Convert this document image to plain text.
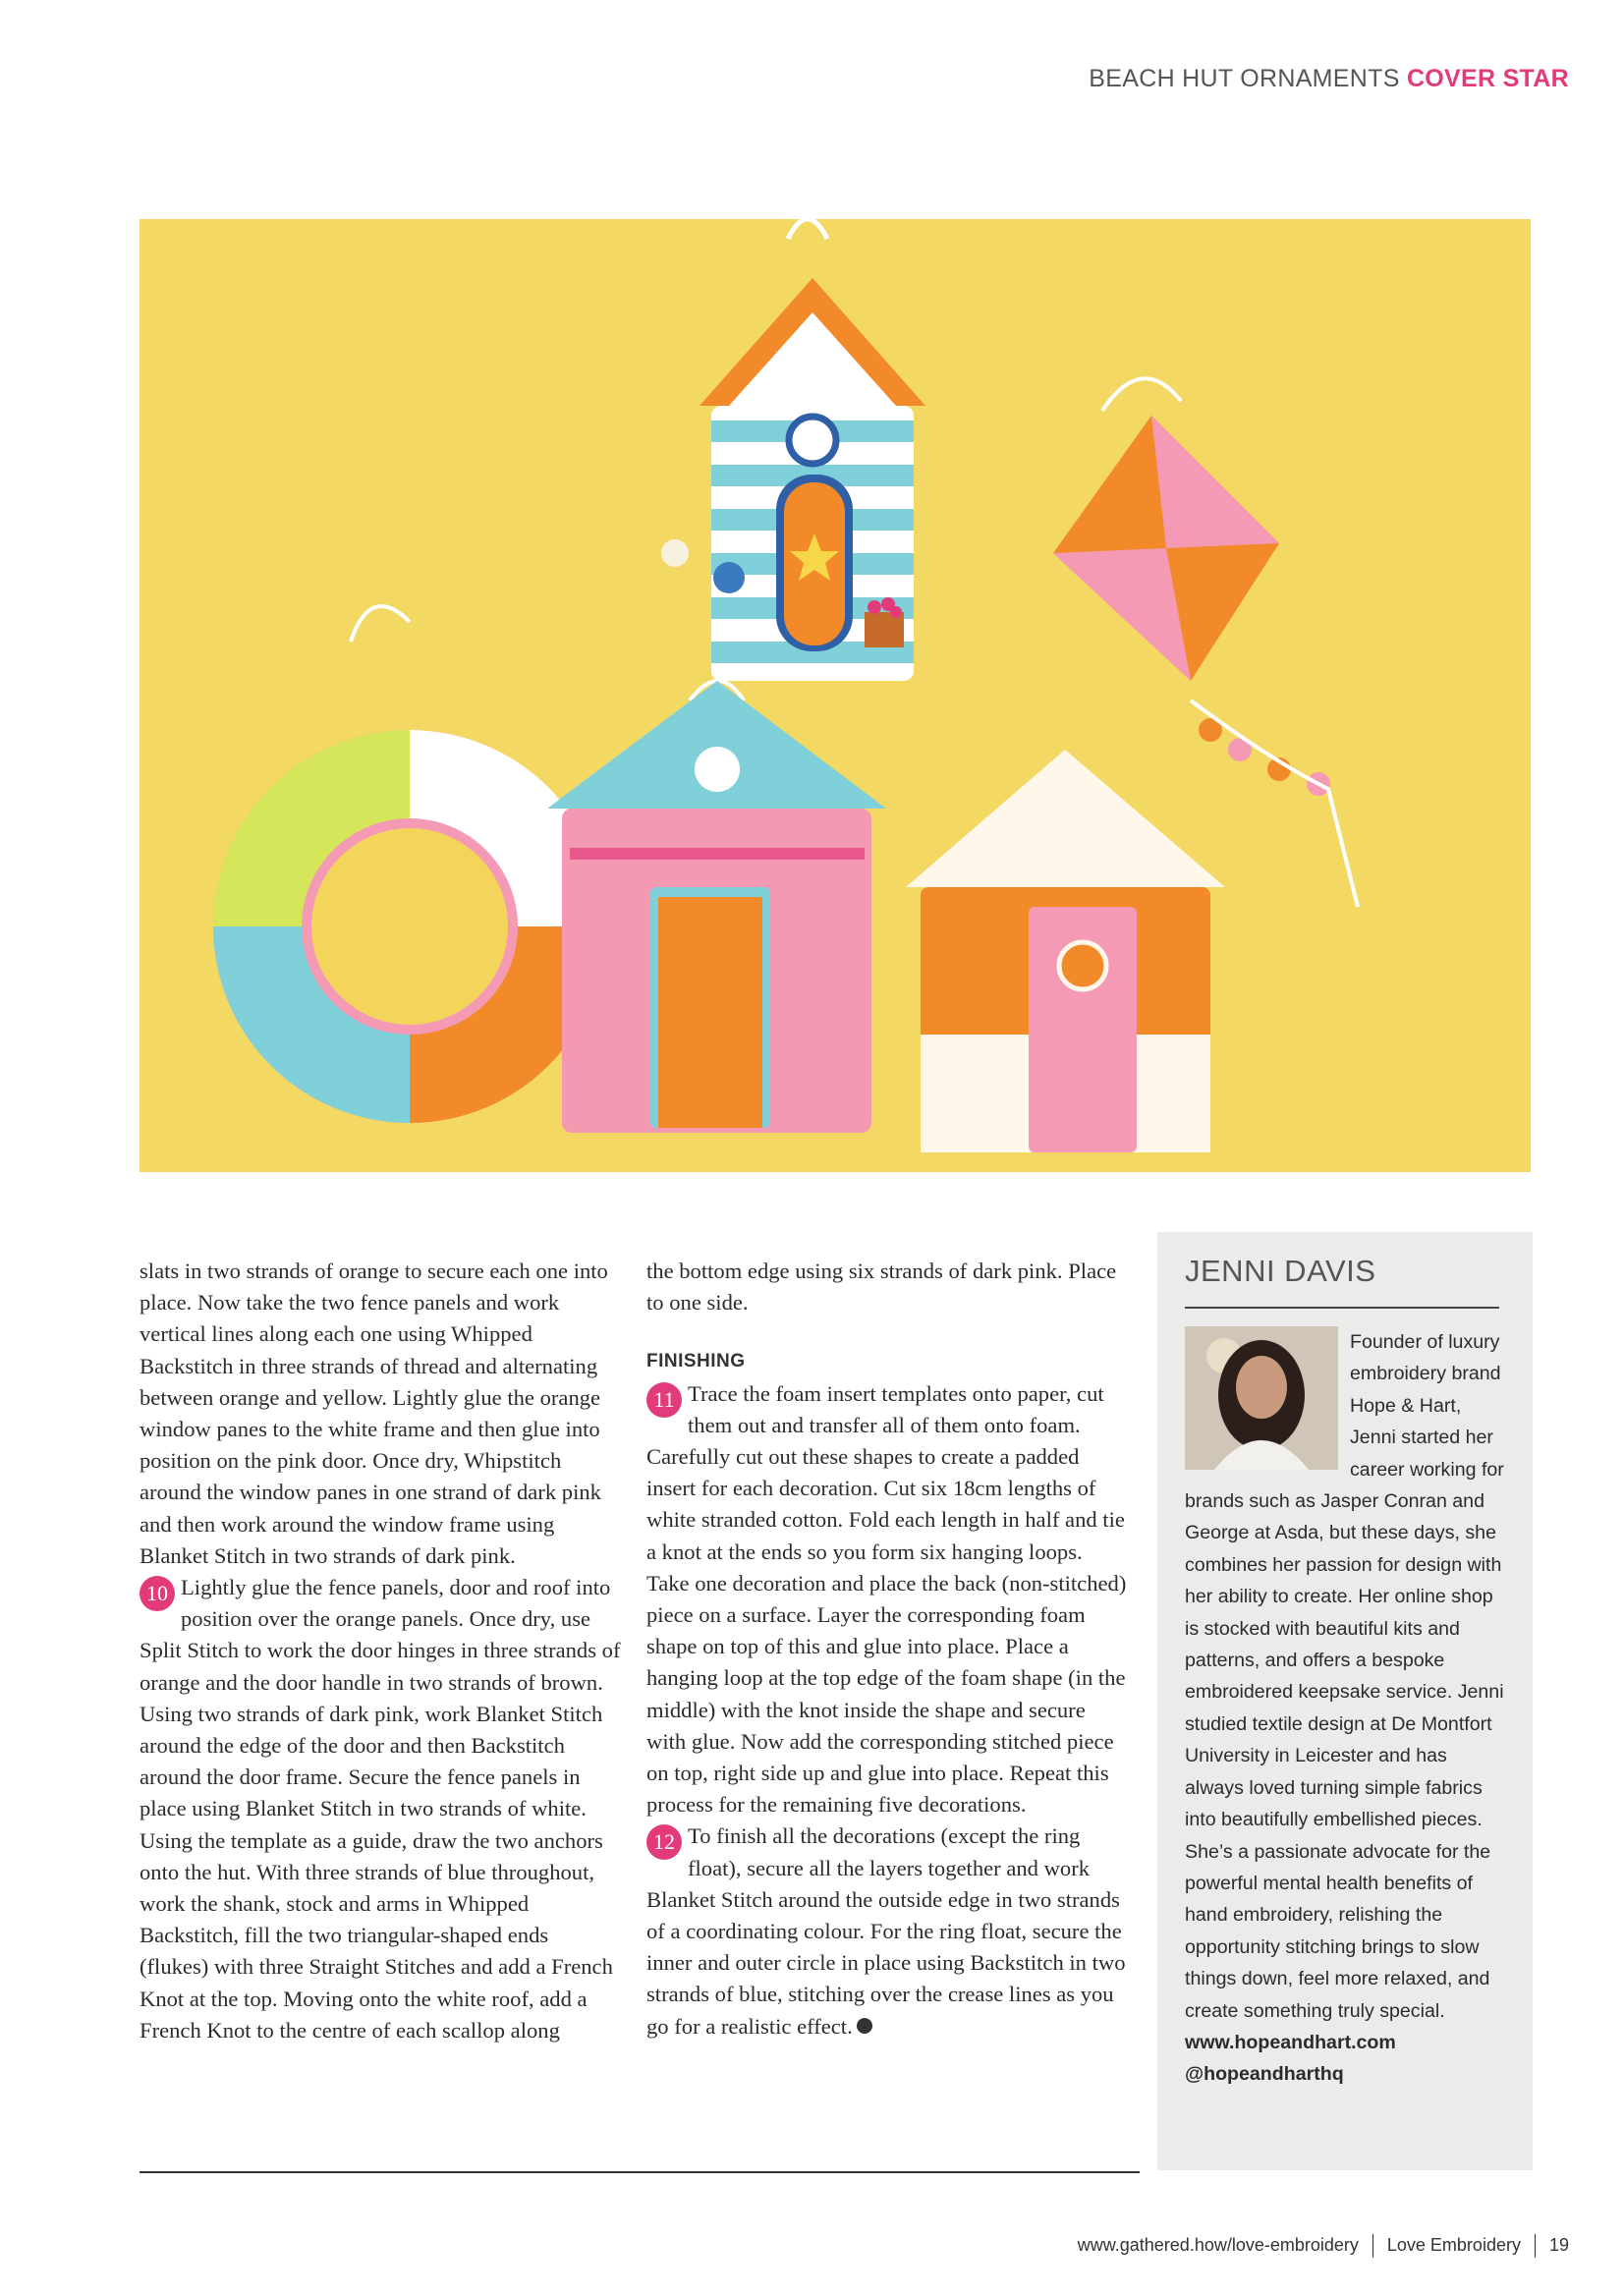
BEACH HUT ORNAMENTS COVER STAR

slats in two strands of orange to secure each one into place. Now take the two fence panels and work vertical lines along each one using Whipped Backstitch in three strands of thread and alternating between orange and yellow. Lightly glue the orange window panes to the white frame and then glue into position on the pink door. Once dry, Whipstitch around the window panes in one strand of dark pink and then work around the window frame using Blanket Stitch in two strands of dark pink.

10 Lightly glue the fence panels, door and roof into position over the orange panels. Once dry, use Split Stitch to work the door hinges in three strands of orange and the door handle in two strands of brown. Using two strands of dark pink, work Blanket Stitch around the edge of the door and then Backstitch around the door frame. Secure the fence panels in place using Blanket Stitch in two strands of white. Using the template as a guide, draw the two anchors onto the hut. With three strands of blue throughout, work the shank, stock and arms in Whipped Backstitch, fill the two triangular-shaped ends (flukes) with three Straight Stitches and add a French Knot at the top. Moving onto the white roof, add a French Knot to the centre of each scallop along

the bottom edge using six strands of dark pink. Place to one side.

FINISHING

11 Trace the foam insert templates onto paper, cut them out and transfer all of them onto foam. Carefully cut out these shapes to create a padded insert for each decoration. Cut six 18cm lengths of white stranded cotton. Fold each length in half and tie a knot at the ends so you form six hanging loops. Take one decoration and place the back (non-stitched) piece on a surface. Layer the corresponding foam shape on top of this and glue into place. Place a hanging loop at the top edge of the foam shape (in the middle) with the knot inside the shape and secure with glue. Now add the corresponding stitched piece on top, right side up and glue into place. Repeat this process for the remaining five decorations.

12 To finish all the decorations (except the ring float), secure all the layers together and work Blanket Stitch around the outside edge in two strands of a coordinating colour. For the ring float, secure the inner and outer circle in place using Backstitch in two strands of blue, stitching over the crease lines as you go for a realistic effect.

JENNI DAVIS
Founder of luxury embroidery brand Hope & Hart, Jenni started her career working for brands such as Jasper Conran and George at Asda, but these days, she combines her passion for design with her ability to create. Her online shop is stocked with beautiful kits and patterns, and offers a bespoke embroidered keepsake service. Jenni studied textile design at De Montfort University in Leicester and has always loved turning simple fabrics into beautifully embellished pieces. She’s a passionate advocate for the powerful mental health benefits of hand embroidery, relishing the opportunity stitching brings to slow things down, feel more relaxed, and create something truly special.
www.hopeandhart.com
@hopeandharthq
www.gathered.how/love-embroidery Love Embroidery 19
